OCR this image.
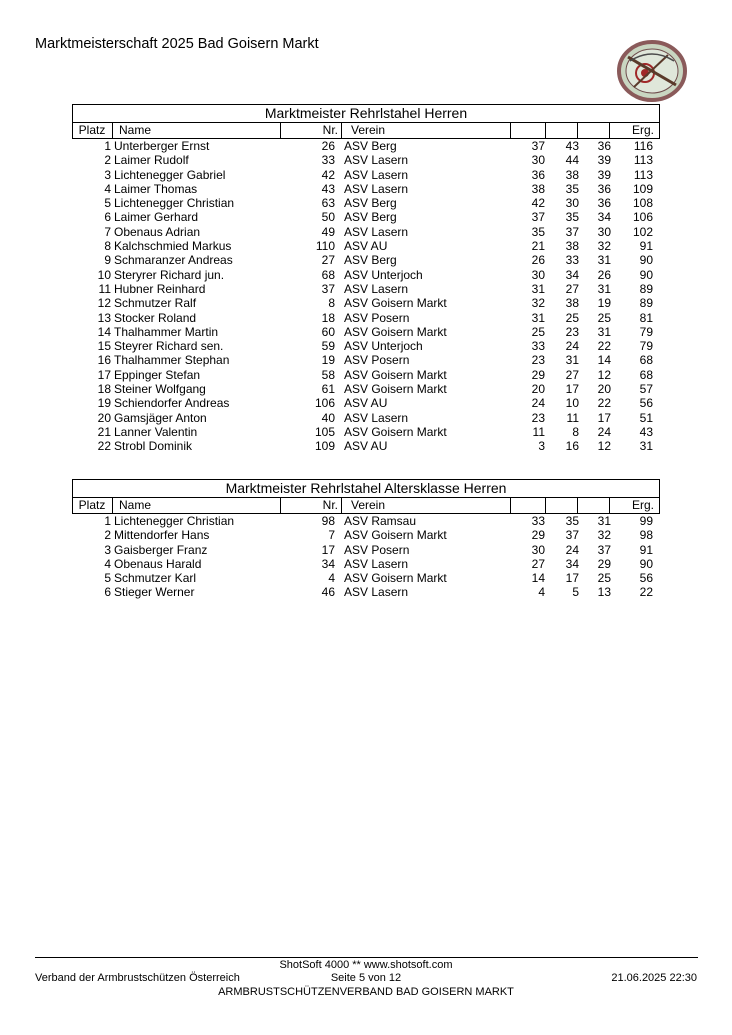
Marktmeisterschaft 2025 Bad Goisern Markt
Marktmeister Rehrlstahel Herren
Platz	Name	Nr. Verein	Erg.
1 Unterberger Ernst	26 ASV Berg	37	43	36	116
2 Laimer Rudolf	33 ASV Lasern	30	44	39	113
3 Lichtenegger Gabriel	42 ASV Lasern	36	38	39	113
4 Laimer Thomas	43 ASV Lasern	38	35	36	109
5 Lichtenegger Christian	63 ASV Berg	42	30	36	108
6 Laimer Gerhard	50 ASV Berg	37	35	34	106
7 Obenaus Adrian	49 ASV Lasern	35	37	30	102
8 Kalchschmied Markus	110 ASV AU	21	38	32	91
9 Schmaranzer Andreas	27 ASV Berg	26	33	31	90
10 Steryrer Richard jun.	68 ASV Unterjoch	30	34	26	90
11 Hubner Reinhard	37 ASV Lasern	31	27	31	89
12 Schmutzer Ralf	8 ASV Goisern Markt	32	38	19	89
13 Stocker Roland	18 ASV Posern	31	25	25	81
14 Thalhammer Martin	60 ASV Goisern Markt	25	23	31	79
15 Steyrer Richard sen.	59 ASV Unterjoch	33	24	22	79
16 Thalhammer Stephan	19 ASV Posern	23	31	14	68
17 Eppinger Stefan	58 ASV Goisern Markt	29	27	12	68
18 Steiner Wolfgang	61 ASV Goisern Markt	20	17	20	57
19 Schiendorfer Andreas	106 ASV AU	24	10	22	56
20 Gamsjäger Anton	40 ASV Lasern	23	11	17	51
21 Lanner Valentin	105 ASV Goisern Markt	11	8	24	43
22 Strobl Dominik	109 ASV AU	3	16	12	31
Marktmeister Rehrlstahel Altersklasse Herren
Platz	Name	Nr. Verein	Erg.
1 Lichtenegger Christian	98 ASV Ramsau	33	35	31	99
2 Mittendorfer Hans	7 ASV Goisern Markt	29	37	32	98
3 Gaisberger Franz	17 ASV Posern	30	24	37	91
4 Obenaus Harald	34 ASV Lasern	27	34	29	90
5 Schmutzer Karl	4 ASV Goisern Markt	14	17	25	56
6 Stieger Werner	46 ASV Lasern	4	5	13	22
ShotSoft 4000 ** www.shotsoft.com
Verband der Armbrustschützen Österreich	Seite 5 von 12	21.06.2025 22:30
ARMBRUSTSCHÜTZENVERBAND BAD GOISERN MARKT
